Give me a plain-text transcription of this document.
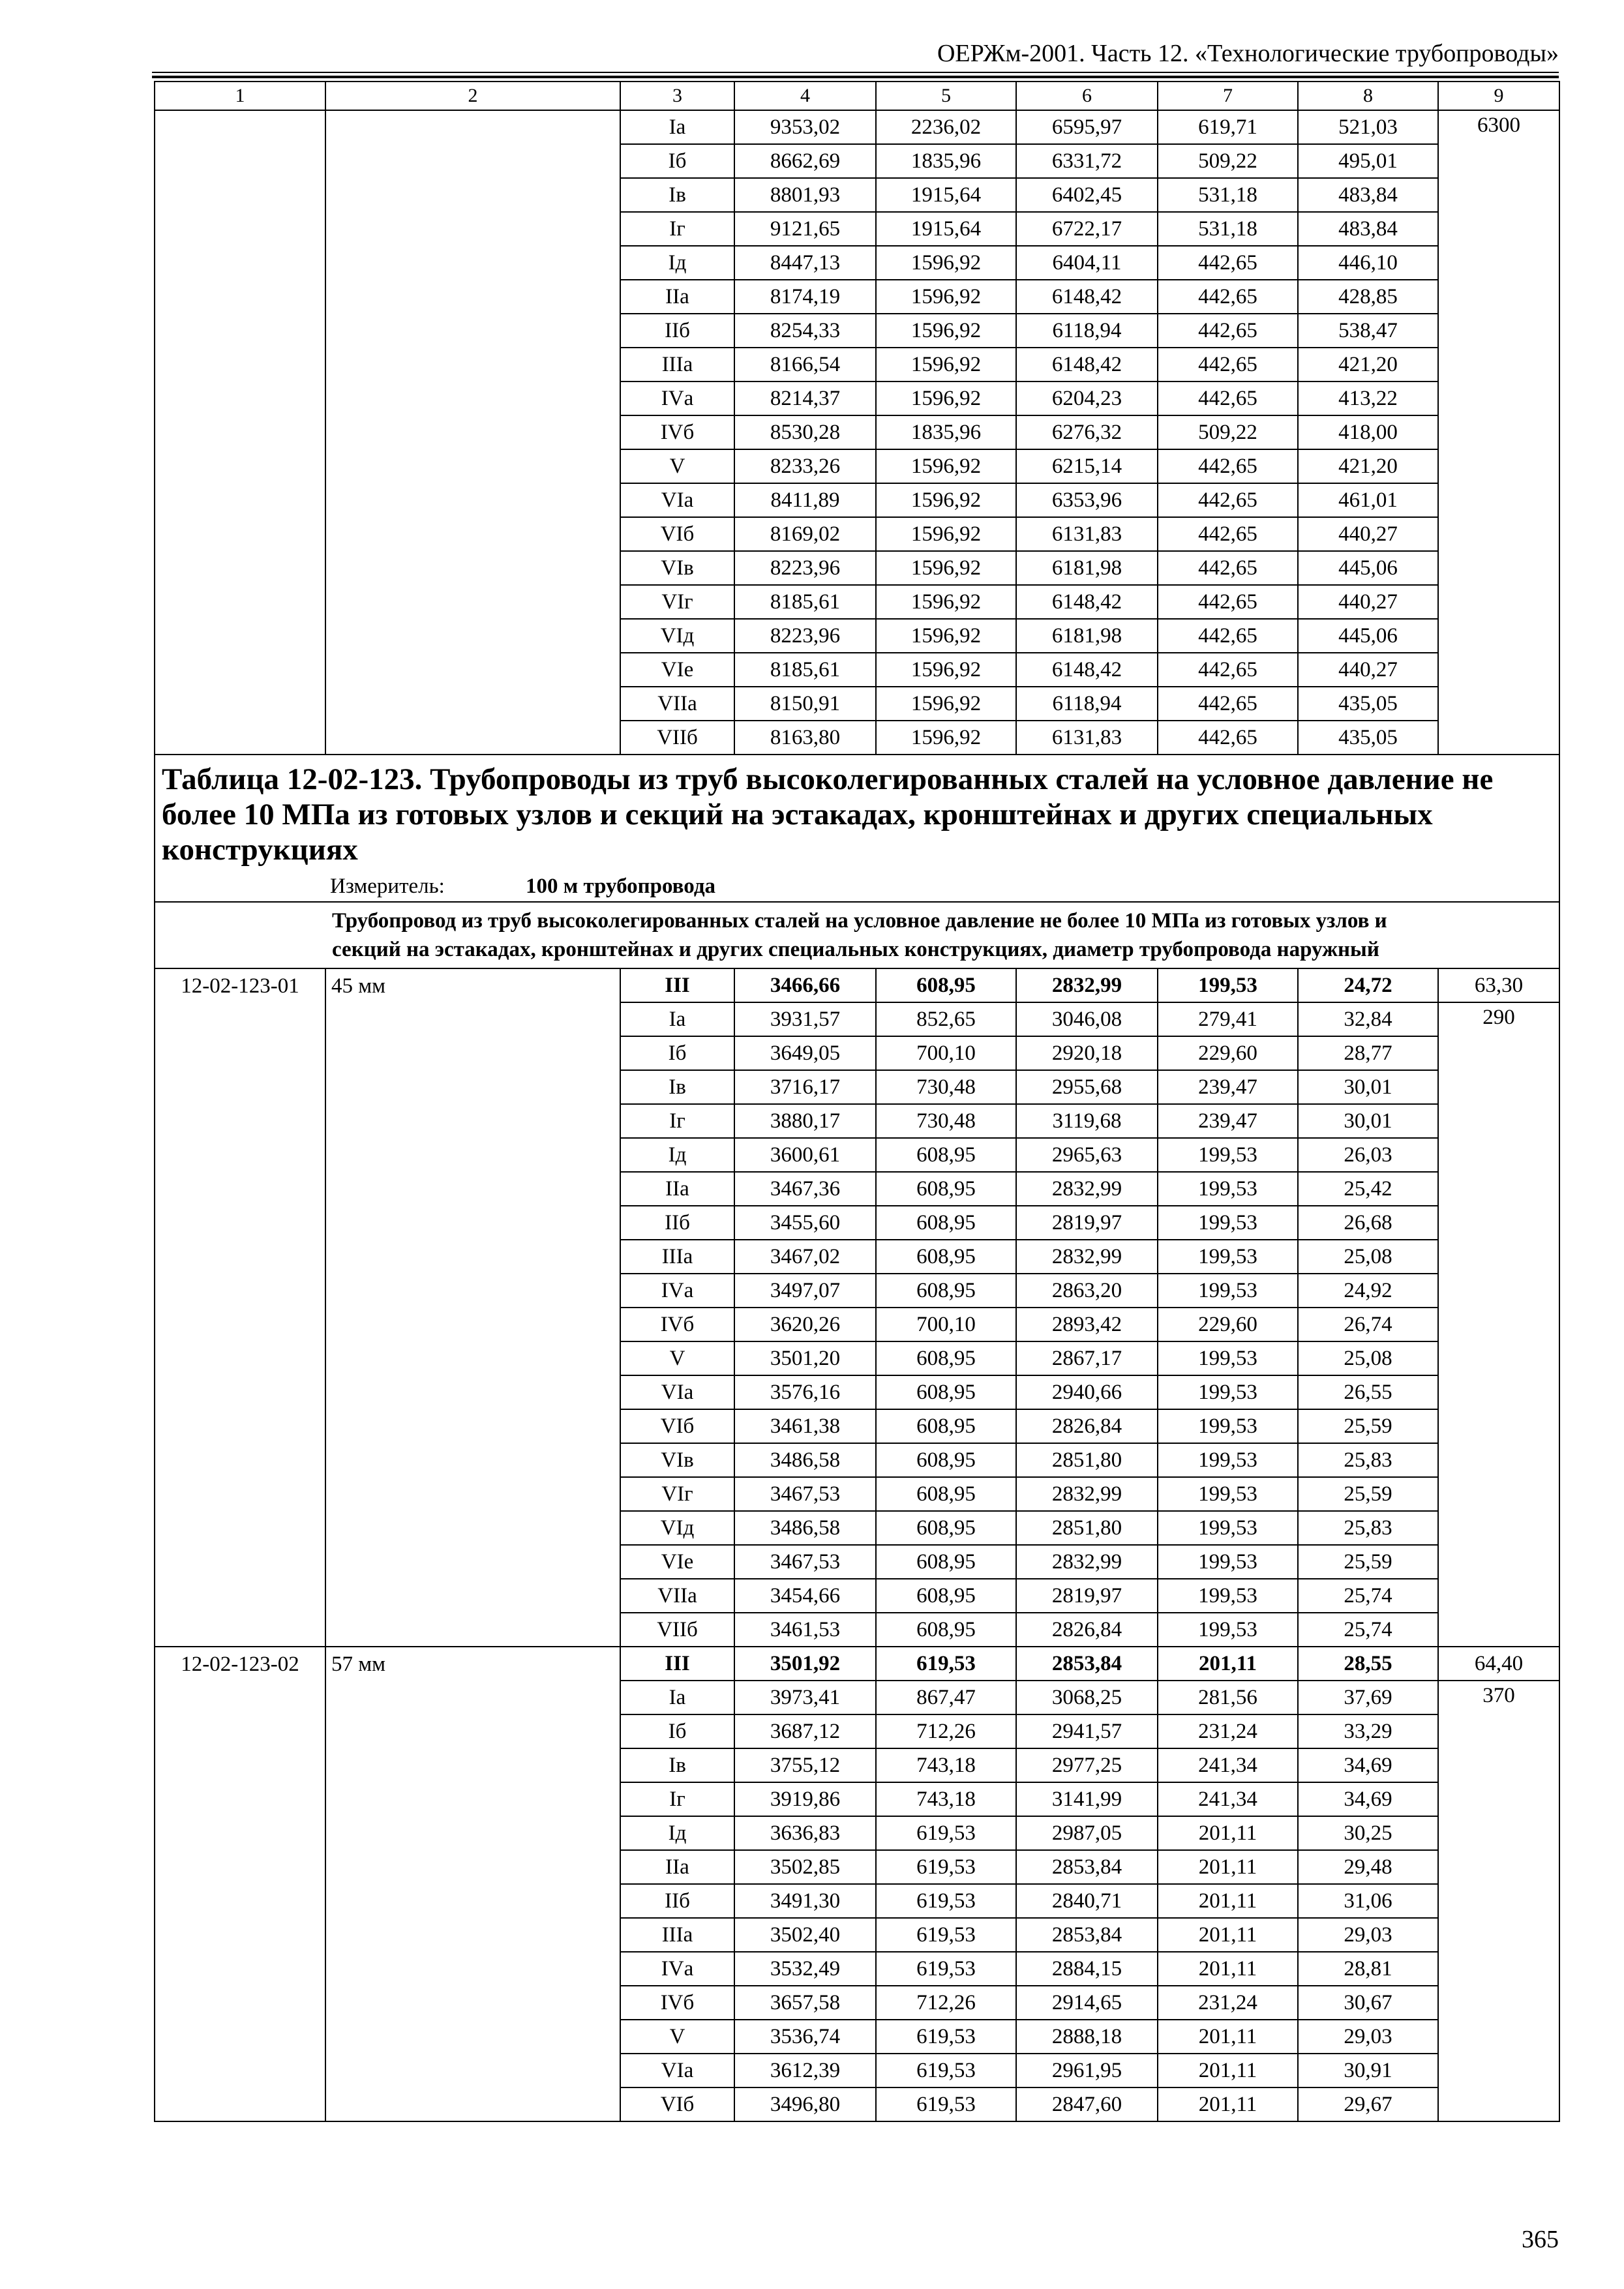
ОЕРЖм-2001. Часть 12. «Технологические трубопроводы»
1	2	3	4	5	6	7	8	9
		Iа	9353,02	2236,02	6595,97	619,71	521,03	6300
		Iб	8662,69	1835,96	6331,72	509,22	495,01	
		Iв	8801,93	1915,64	6402,45	531,18	483,84	
		Iг	9121,65	1915,64	6722,17	531,18	483,84	
		Iд	8447,13	1596,92	6404,11	442,65	446,10	
		IIа	8174,19	1596,92	6148,42	442,65	428,85	
		IIб	8254,33	1596,92	6118,94	442,65	538,47	
		IIIа	8166,54	1596,92	6148,42	442,65	421,20	
		IVа	8214,37	1596,92	6204,23	442,65	413,22	
		IVб	8530,28	1835,96	6276,32	509,22	418,00	
		V	8233,26	1596,92	6215,14	442,65	421,20	
		VIа	8411,89	1596,92	6353,96	442,65	461,01	
		VIб	8169,02	1596,92	6131,83	442,65	440,27	
		VIв	8223,96	1596,92	6181,98	442,65	445,06	
		VIг	8185,61	1596,92	6148,42	442,65	440,27	
		VIд	8223,96	1596,92	6181,98	442,65	445,06	
		VIе	8185,61	1596,92	6148,42	442,65	440,27	
		VIIа	8150,91	1596,92	6118,94	442,65	435,05	
		VIIб	8163,80	1596,92	6131,83	442,65	435,05	

Таблица 12-02-123. Трубопроводы из труб высоколегированных сталей на условное давление не более 10 МПа из готовых узлов и секций на эстакадах, кронштейнах и других специальных конструкциях
Измеритель: 100 м трубопровода								

	Трубопровод из труб высоколегированных сталей на условное давление не более 10 МПа из готовых узлов и
секций на эстакадах, кронштейнах и других специальных конструкциях, диаметр трубопровода наружный							

12-02-123-01	45 мм	III	3466,66	608,95	2832,99	199,53	24,72	63,30
		Iа	3931,57	852,65	3046,08	279,41	32,84	290
		Iб	3649,05	700,10	2920,18	229,60	28,77	
		Iв	3716,17	730,48	2955,68	239,47	30,01	
		Iг	3880,17	730,48	3119,68	239,47	30,01	
		Iд	3600,61	608,95	2965,63	199,53	26,03	
		IIа	3467,36	608,95	2832,99	199,53	25,42	
		IIб	3455,60	608,95	2819,97	199,53	26,68	
		IIIа	3467,02	608,95	2832,99	199,53	25,08	
		IVа	3497,07	608,95	2863,20	199,53	24,92	
		IVб	3620,26	700,10	2893,42	229,60	26,74	
		V	3501,20	608,95	2867,17	199,53	25,08	
		VIа	3576,16	608,95	2940,66	199,53	26,55	
		VIб	3461,38	608,95	2826,84	199,53	25,59	
		VIв	3486,58	608,95	2851,80	199,53	25,83	
		VIг	3467,53	608,95	2832,99	199,53	25,59	
		VIд	3486,58	608,95	2851,80	199,53	25,83	
		VIе	3467,53	608,95	2832,99	199,53	25,59	
		VIIа	3454,66	608,95	2819,97	199,53	25,74	
		VIIб	3461,53	608,95	2826,84	199,53	25,74	
12-02-123-02	57 мм	III	3501,92	619,53	2853,84	201,11	28,55	64,40
		Iа	3973,41	867,47	3068,25	281,56	37,69	370
		Iб	3687,12	712,26	2941,57	231,24	33,29	
		Iв	3755,12	743,18	2977,25	241,34	34,69	
		Iг	3919,86	743,18	3141,99	241,34	34,69	
		Iд	3636,83	619,53	2987,05	201,11	30,25	
		IIа	3502,85	619,53	2853,84	201,11	29,48	
		IIб	3491,30	619,53	2840,71	201,11	31,06	
		IIIа	3502,40	619,53	2853,84	201,11	29,03	
		IVа	3532,49	619,53	2884,15	201,11	28,81	
		IVб	3657,58	712,26	2914,65	231,24	30,67	
		V	3536,74	619,53	2888,18	201,11	29,03	
		VIа	3612,39	619,53	2961,95	201,11	30,91	
		VIб	3496,80	619,53	2847,60	201,11	29,67	
365
